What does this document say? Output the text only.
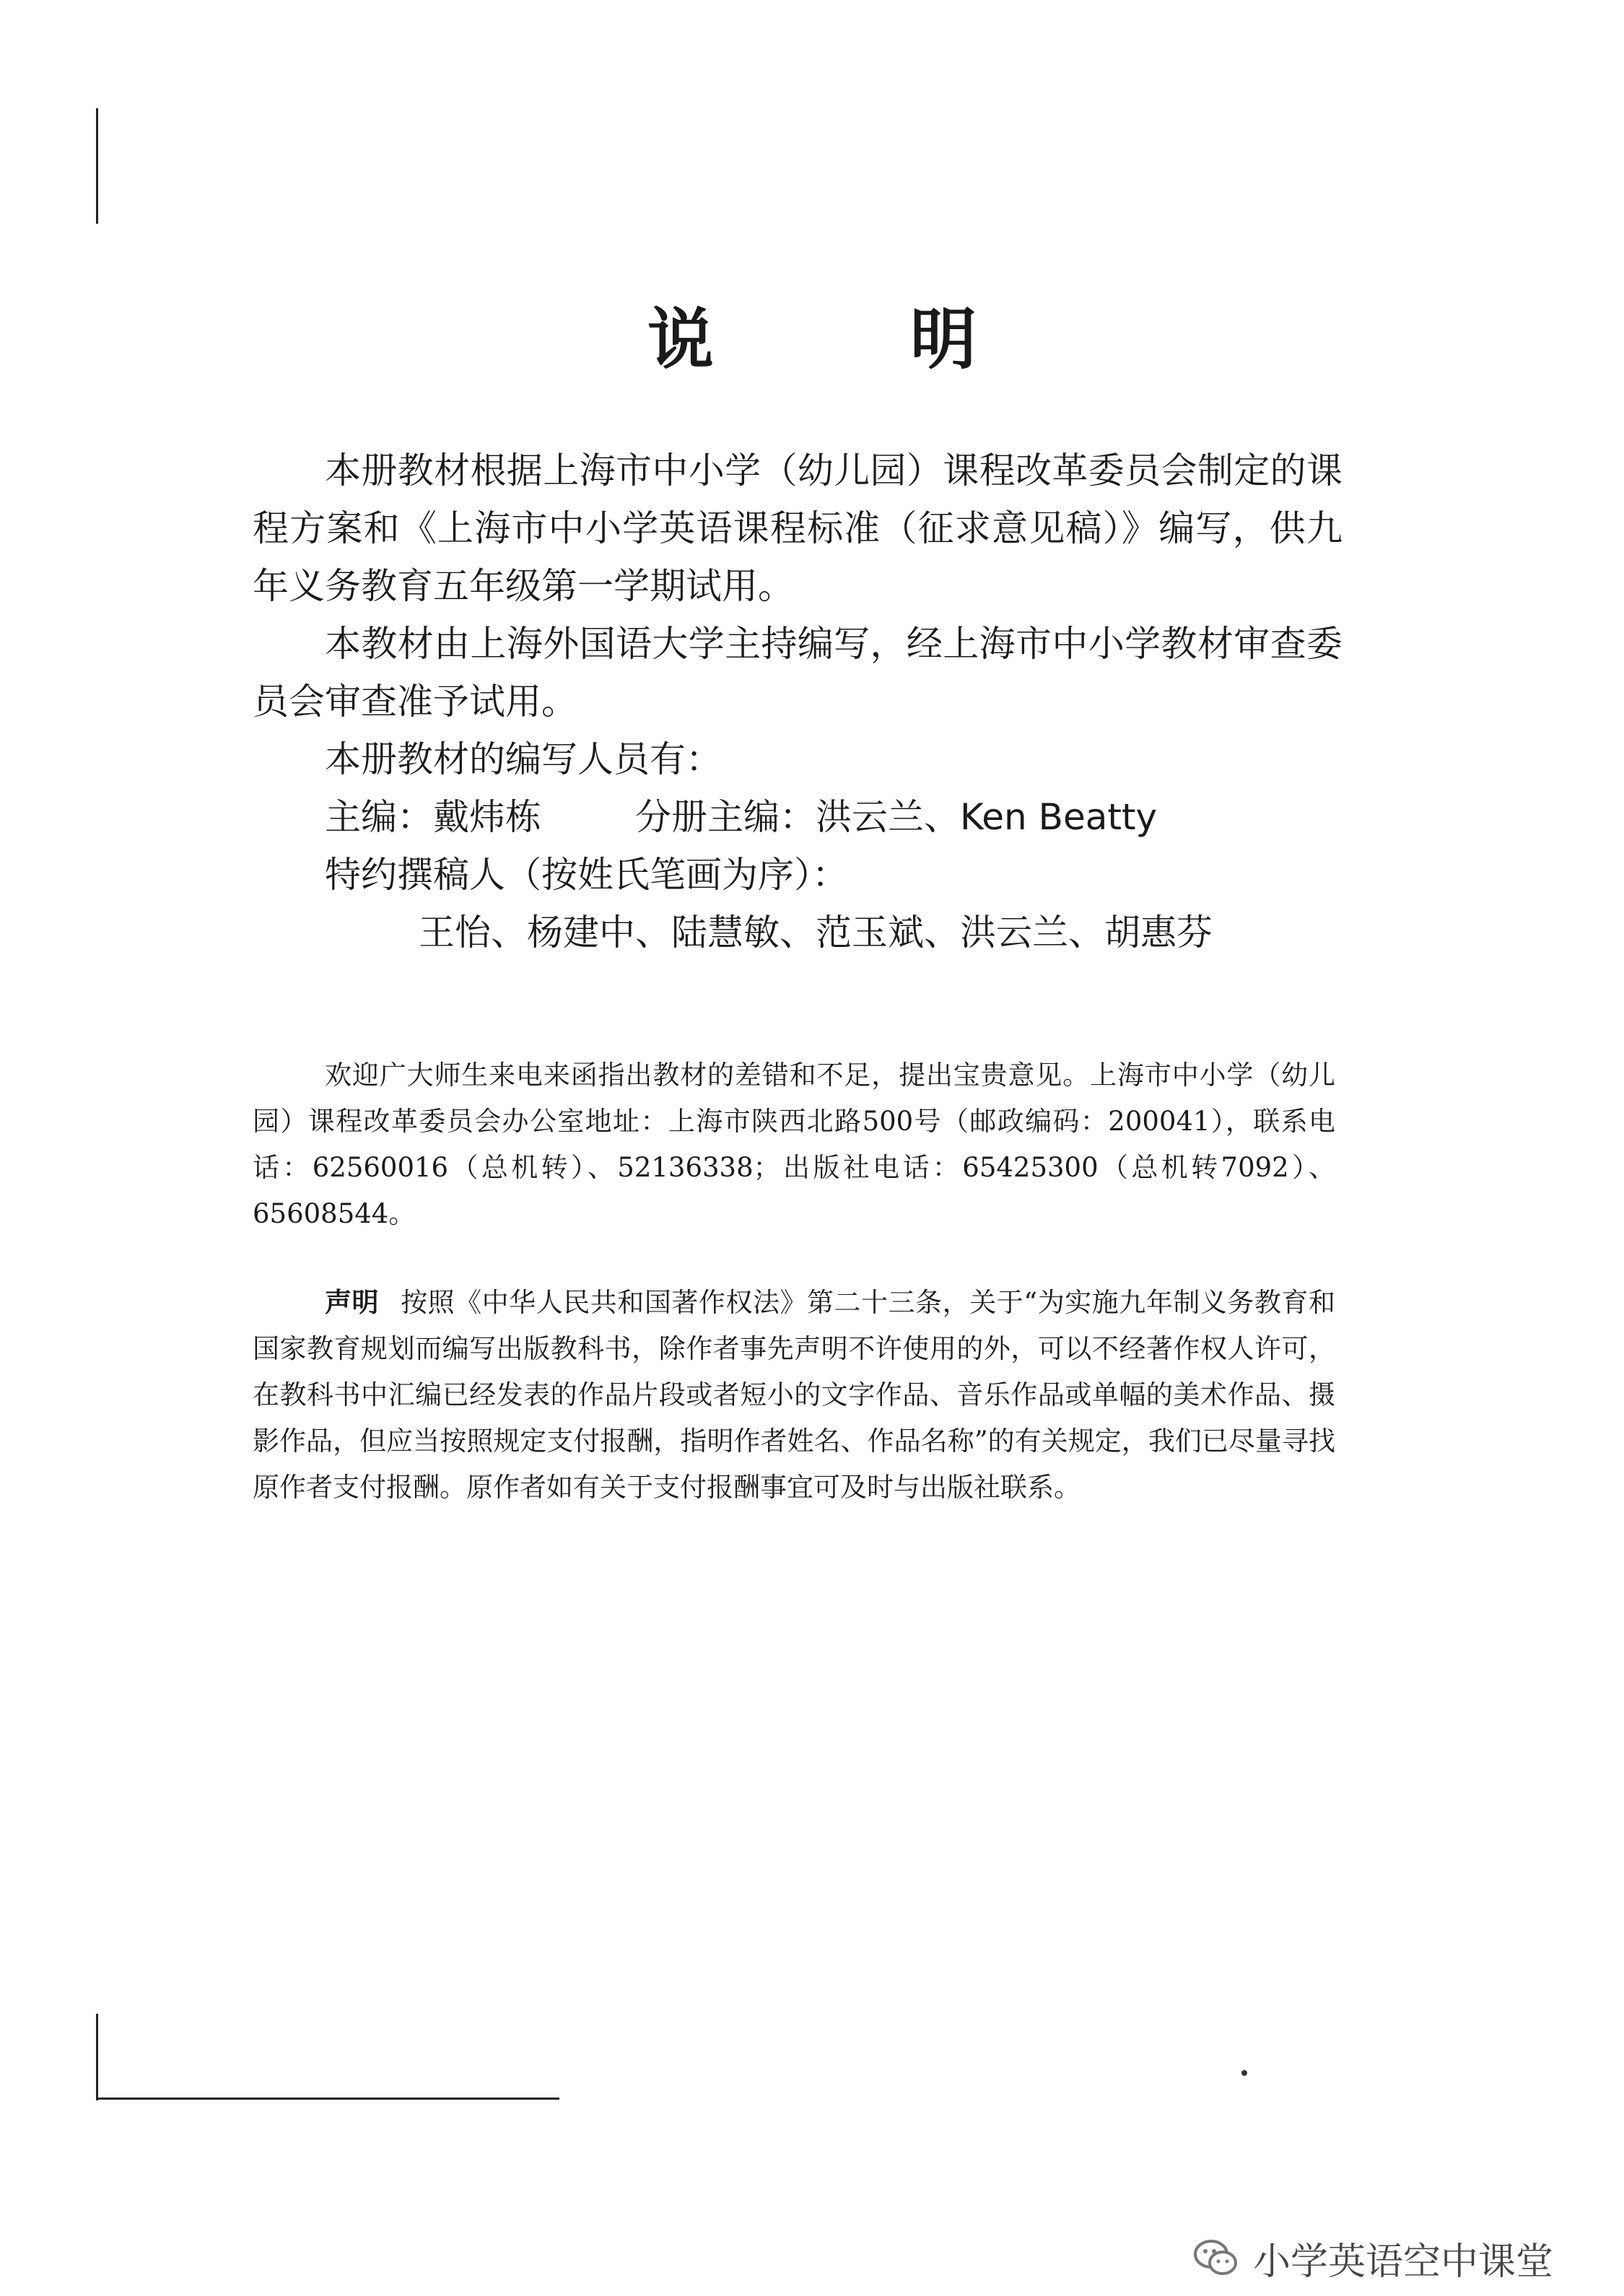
说 明

本册教材根据上海市中小学（幼儿园）课程改革委员会制定的课程方案和《上海市中小学英语课程标准（征求意见稿）》编写，供九年义务教育五年级第一学期试用。

本教材由上海外国语大学主持编写，经上海市中小学教材审查委员会审查准予试用。

本册教材的编写人员有：
主编：戴炜栋	分册主编：洪云兰、Ken Beatty
特约撰稿人（按姓氏笔画为序）：
王怡、杨建中、陆慧敏、范玉斌、洪云兰、胡惠芬

欢迎广大师生来电来函指出教材的差错和不足，提出宝贵意见。上海市中小学（幼儿园）课程改革委员会办公室地址：上海市陕西北路500号（邮政编码：200041），联系电话：62560016（总机转）、52136338；出版社电话：65425300（总机转7092）、65608544。

声明 按照《中华人民共和国著作权法》第二十三条，关于“为实施九年制义务教育和国家教育规划而编写出版教科书，除作者事先声明不许使用的外，可以不经著作权人许可，在教科书中汇编已经发表的作品片段或者短小的文字作品、音乐作品或单幅的美术作品、摄影作品，但应当按照规定支付报酬，指明作者姓名、作品名称”的有关规定，我们已尽量寻找原作者支付报酬。原作者如有关于支付报酬事宜可及时与出版社联系。

小学英语空中课堂
